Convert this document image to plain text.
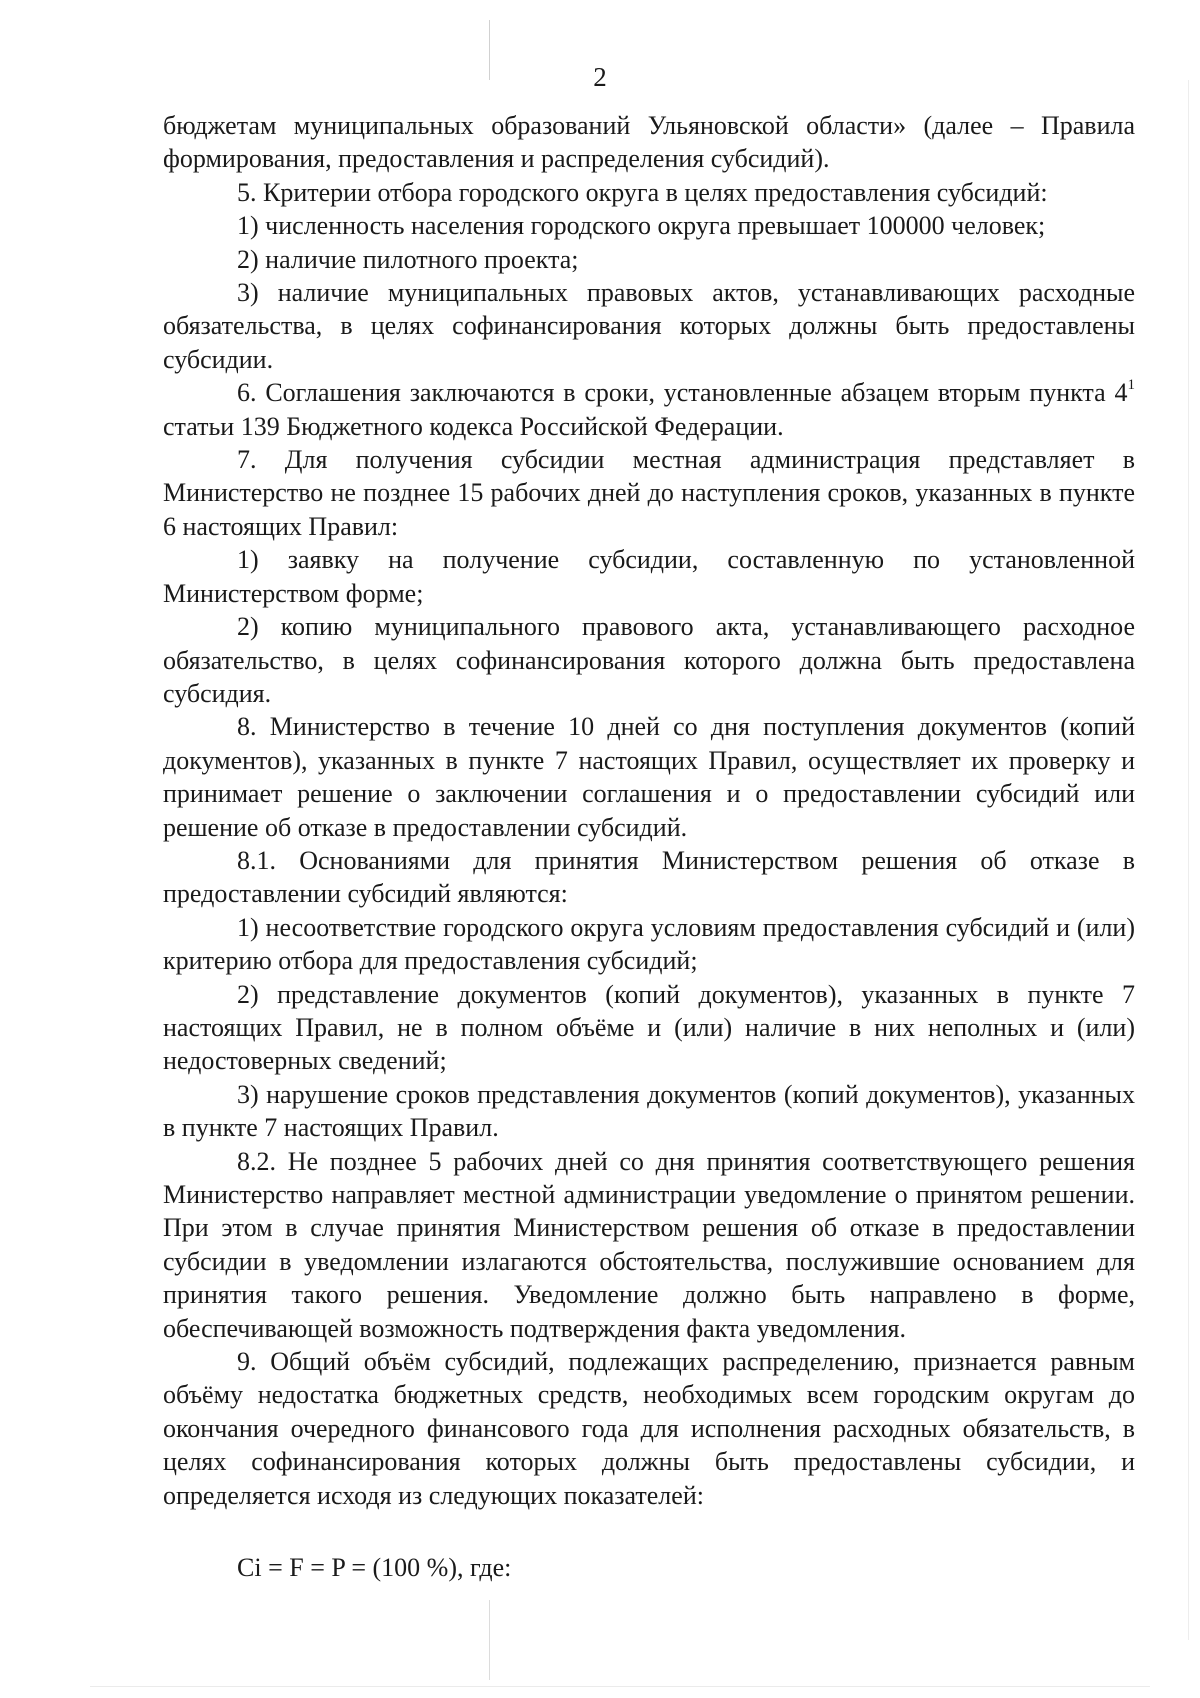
2

бюджетам муниципальных образований Ульяновской области» (далее – Правила формирования, предоставления и распределения субсидий).

5. Критерии отбора городского округа в целях предоставления субсидий:

1) численность населения городского округа превышает 100000 человек;

2) наличие пилотного проекта;

3) наличие муниципальных правовых актов, устанавливающих расходные обязательства, в целях софинансирования которых должны быть предоставлены субсидии.

6. Соглашения заключаются в сроки, установленные абзацем вторым пункта $4^1$ статьи 139 Бюджетного кодекса Российской Федерации.

7. Для получения субсидии местная администрация представляет в Министерство не позднее 15 рабочих дней до наступления сроков, указанных в пункте 6 настоящих Правил:

1) заявку на получение субсидии, составленную по установленной Министерством форме;

2) копию муниципального правового акта, устанавливающего расходное обязательство, в целях софинансирования которого должна быть предоставлена субсидия.

8. Министерство в течение 10 дней со дня поступления документов (копий документов), указанных в пункте 7 настоящих Правил, осуществляет их проверку и принимает решение о заключении соглашения и о предоставлении субсидий или решение об отказе в предоставлении субсидий.

8.1. Основаниями для принятия Министерством решения об отказе в предоставлении субсидий являются:

1) несоответствие городского округа условиям предоставления субсидий и (или) критерию отбора для предоставления субсидий;

2) представление документов (копий документов), указанных в пункте 7 настоящих Правил, не в полном объёме и (или) наличие в них неполных и (или) недостоверных сведений;

3) нарушение сроков представления документов (копий документов), указанных в пункте 7 настоящих Правил.

8.2. Не позднее 5 рабочих дней со дня принятия соответствующего решения Министерство направляет местной администрации уведомление о принятом решении. При этом в случае принятия Министерством решения об отказе в предоставлении субсидии в уведомлении излагаются обстоятельства, послужившие основанием для принятия такого решения. Уведомление должно быть направлено в форме, обеспечивающей возможность подтверждения факта уведомления.

9. Общий объём субсидий, подлежащих распределению, признается равным объёму недостатка бюджетных средств, необходимых всем городским округам до окончания очередного финансового года для исполнения расходных обязательств, в целях софинансирования которых должны быть предоставлены субсидии, и определяется исходя из следующих показателей:

Ci = F = P = (100 %), где:
